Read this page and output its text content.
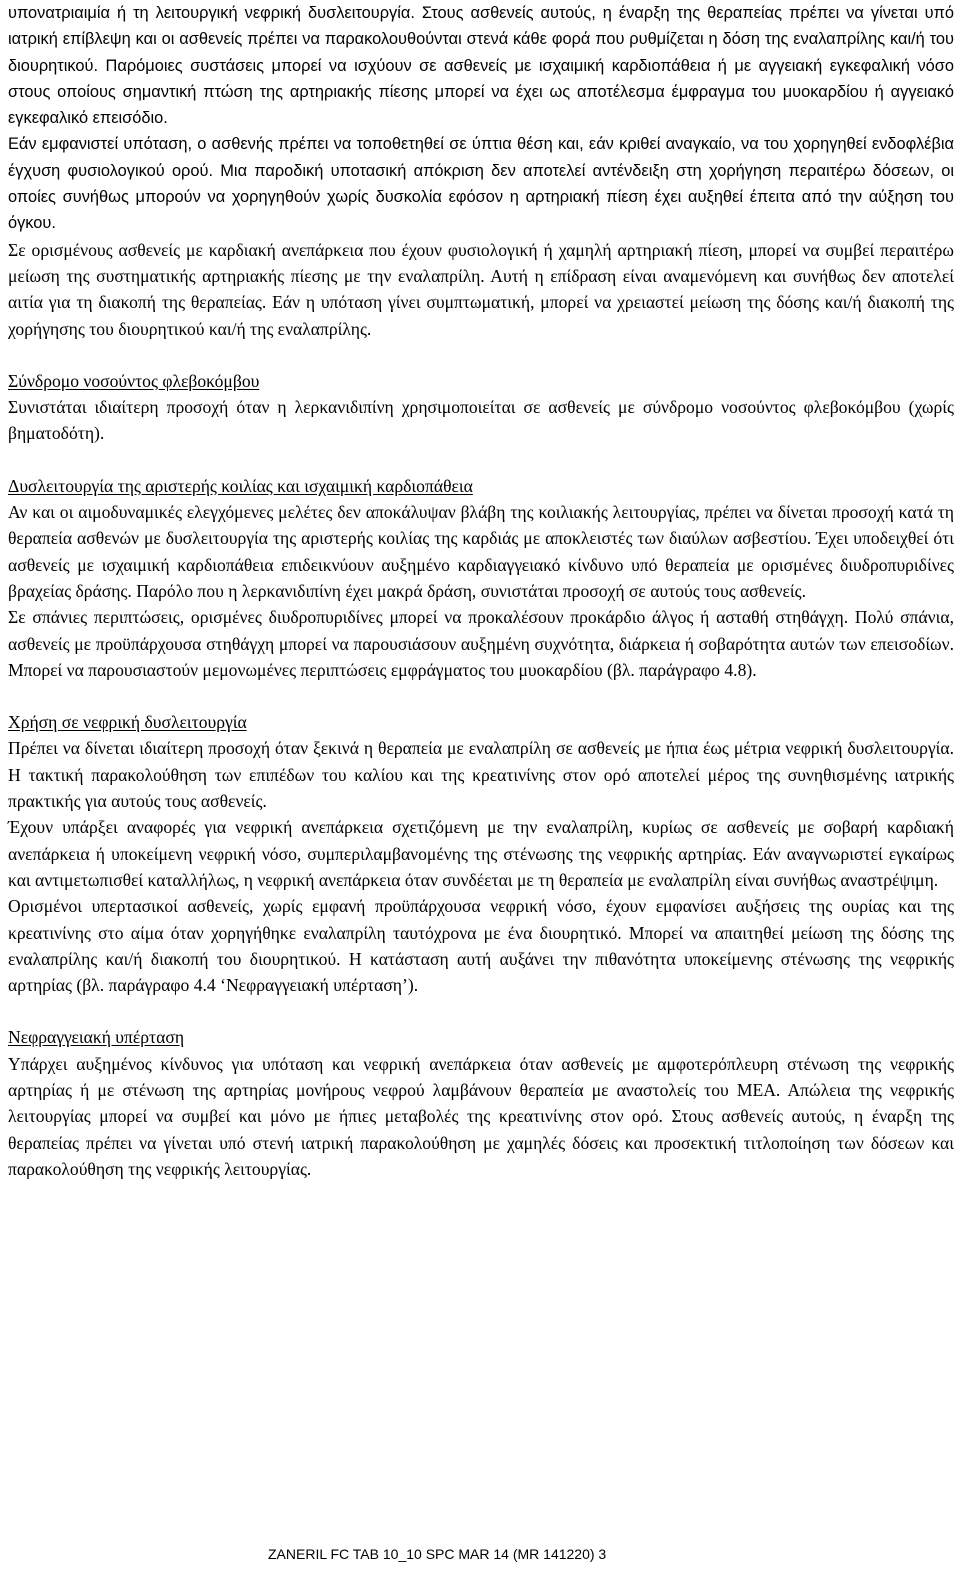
υπονατριαιμία ή τη λειτουργική νεφρική δυσλειτουργία. Στους ασθενείς αυτούς, η έναρξη της θεραπείας πρέπει να γίνεται υπό ιατρική επίβλεψη και οι ασθενείς πρέπει να παρακολουθούνται στενά κάθε φορά που ρυθμίζεται η δόση της εναλαπρίλης και/ή του διουρητικού. Παρόμοιες συστάσεις μπορεί να ισχύουν σε ασθενείς με ισχαιμική καρδιοπάθεια ή με αγγειακή εγκεφαλική νόσο στους οποίους σημαντική πτώση της αρτηριακής πίεσης μπορεί να έχει ως αποτέλεσμα έμφραγμα του μυοκαρδίου ή αγγειακό εγκεφαλικό επεισόδιο.

Εάν εμφανιστεί υπόταση, ο ασθενής πρέπει να τοποθετηθεί σε ύπτια θέση και, εάν κριθεί αναγκαίο, να του χορηγηθεί ενδοφλέβια έγχυση φυσιολογικού ορού. Μια παροδική υποτασική απόκριση δεν αποτελεί αντένδειξη στη χορήγηση περαιτέρω δόσεων, οι οποίες συνήθως μπορούν να χορηγηθούν χωρίς δυσκολία εφόσον η αρτηριακή πίεση έχει αυξηθεί έπειτα από την αύξηση του όγκου.

Σε ορισμένους ασθενείς με καρδιακή ανεπάρκεια που έχουν φυσιολογική ή χαμηλή αρτηριακή πίεση, μπορεί να συμβεί περαιτέρω μείωση της συστηματικής αρτηριακής πίεσης με την εναλαπρίλη. Αυτή η επίδραση είναι αναμενόμενη και συνήθως δεν αποτελεί αιτία για τη διακοπή της θεραπείας. Εάν η υπόταση γίνει συμπτωματική, μπορεί να χρειαστεί μείωση της δόσης και/ή διακοπή της χορήγησης του διουρητικού και/ή της εναλαπρίλης.

Σύνδρομο νοσούντος φλεβοκόμβου

Συνιστάται ιδιαίτερη προσοχή όταν η λερκανιδιπίνη χρησιμοποιείται σε ασθενείς με σύνδρομο νοσούντος φλεβοκόμβου (χωρίς βηματοδότη).

Δυσλειτουργία της αριστερής κοιλίας και ισχαιμική καρδιοπάθεια

Αν και οι αιμοδυναμικές ελεγχόμενες μελέτες δεν αποκάλυψαν βλάβη της κοιλιακής λειτουργίας, πρέπει να δίνεται προσοχή κατά τη θεραπεία ασθενών με δυσλειτουργία της αριστερής κοιλίας της καρδιάς με αποκλειστές των διαύλων ασβεστίου. Έχει υποδειχθεί ότι ασθενείς με ισχαιμική καρδιοπάθεια επιδεικνύουν αυξημένο καρδιαγγειακό κίνδυνο υπό θεραπεία με ορισμένες διυδροπυριδίνες βραχείας δράσης. Παρόλο που η λερκανιδιπίνη έχει μακρά δράση, συνιστάται προσοχή σε αυτούς τους ασθενείς.

Σε σπάνιες περιπτώσεις, ορισμένες διυδροπυριδίνες μπορεί να προκαλέσουν προκάρδιο άλγος ή ασταθή στηθάγχη. Πολύ σπάνια, ασθενείς με προϋπάρχουσα στηθάγχη μπορεί να παρουσιάσουν αυξημένη συχνότητα, διάρκεια ή σοβαρότητα αυτών των επεισοδίων. Μπορεί να παρουσιαστούν μεμονωμένες περιπτώσεις εμφράγματος του μυοκαρδίου (βλ. παράγραφο 4.8).

Χρήση σε νεφρική δυσλειτουργία

Πρέπει να δίνεται ιδιαίτερη προσοχή όταν ξεκινά η θεραπεία με εναλαπρίλη σε ασθενείς με ήπια έως μέτρια νεφρική δυσλειτουργία. Η τακτική παρακολούθηση των επιπέδων του καλίου και της κρεατινίνης στον ορό αποτελεί μέρος της συνηθισμένης ιατρικής πρακτικής για αυτούς τους ασθενείς.

Έχουν υπάρξει αναφορές για νεφρική ανεπάρκεια σχετιζόμενη με την εναλαπρίλη, κυρίως σε ασθενείς με σοβαρή καρδιακή ανεπάρκεια ή υποκείμενη νεφρική νόσο, συμπεριλαμβανομένης της στένωσης της νεφρικής αρτηρίας. Εάν αναγνωριστεί εγκαίρως και αντιμετωπισθεί καταλλήλως, η νεφρική ανεπάρκεια όταν συνδέεται με τη θεραπεία με εναλαπρίλη είναι συνήθως αναστρέψιμη.

Ορισμένοι υπερτασικοί ασθενείς, χωρίς εμφανή προϋπάρχουσα νεφρική νόσο, έχουν εμφανίσει αυξήσεις της ουρίας και της κρεατινίνης στο αίμα όταν χορηγήθηκε εναλαπρίλη ταυτόχρονα με ένα διουρητικό. Μπορεί να απαιτηθεί μείωση της δόσης της εναλαπρίλης και/ή διακοπή του διουρητικού. Η κατάσταση αυτή αυξάνει την πιθανότητα υποκείμενης στένωσης της νεφρικής αρτηρίας (βλ. παράγραφο 4.4 ‘Νεφραγγειακή υπέρταση’).

Νεφραγγειακή υπέρταση

Υπάρχει αυξημένος κίνδυνος για υπόταση και νεφρική ανεπάρκεια όταν ασθενείς με αμφοτερόπλευρη στένωση της νεφρικής αρτηρίας ή με στένωση της αρτηρίας μονήρους νεφρού λαμβάνουν θεραπεία με αναστολείς του ΜΕΑ. Απώλεια της νεφρικής λειτουργίας μπορεί να συμβεί και μόνο με ήπιες μεταβολές της κρεατινίνης στον ορό. Στους ασθενείς αυτούς, η έναρξη της θεραπείας πρέπει να γίνεται υπό στενή ιατρική παρακολούθηση με χαμηλές δόσεις και προσεκτική τιτλοποίηση των δόσεων και παρακολούθηση της νεφρικής λειτουργίας.

ZANERIL FC TAB 10_10 SPC MAR 14 (MR 141220) 3
